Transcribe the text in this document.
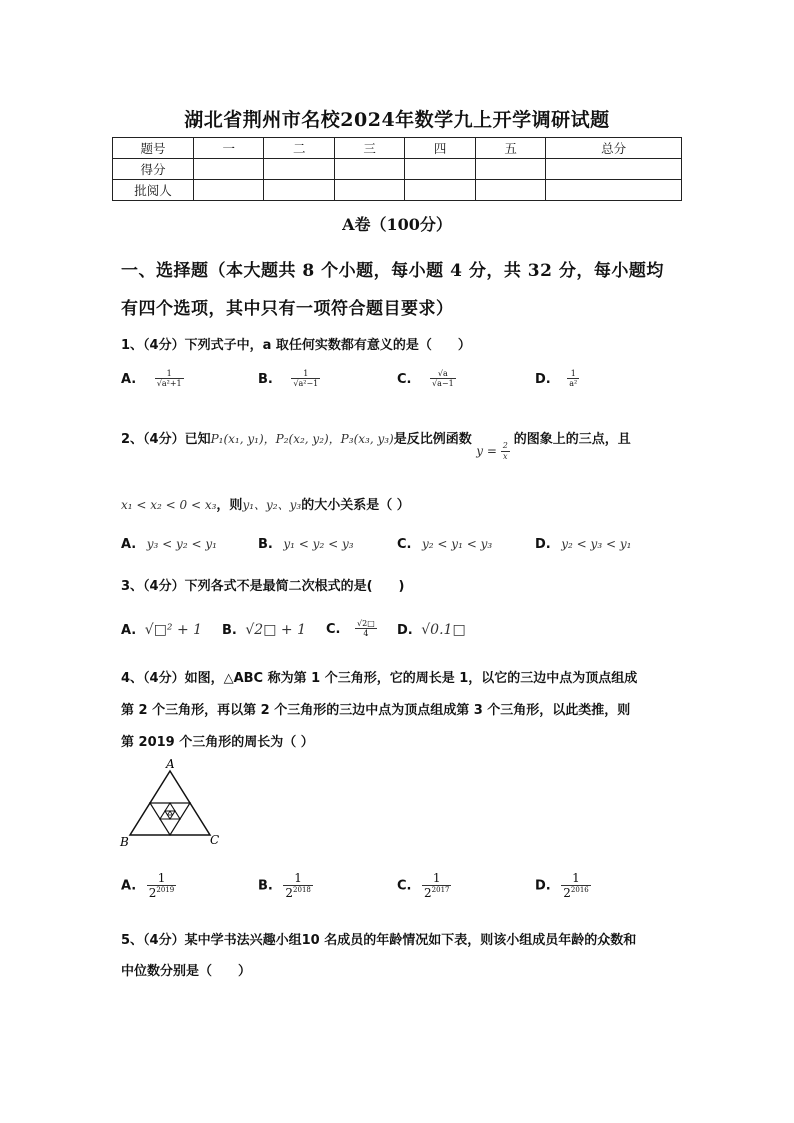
湖北省荆州市名校2024年数学九上开学调研试题
题号	一	二	三	四	五	总分
得分						
批阅人						
A卷（100分）
一、选择题（本大题共 8 个小题，每小题 4 分，共 32 分，每小题均
有四个选项，其中只有一项符合题目要求）
1、（4分）下列式子中，a 取任何实数都有意义的是（　　）
A. $\frac{1}{\text{√a²+1}}$	B. $\frac{1}{\text{√a²−1}}$	C. $\frac{√a}{√a-1}$	D. $\frac{1}{\text{a²}}$
2、（4分）已知P₁(x₁, y₁)，P₂(x₂, y₂)，P₃(x₃, y₃)是反比例函数 $y = \frac{2}{x}$
的图象上的三点，且
x₁ < x₂ < 0 < x₃，则y₁、y₂、y₃的大小关系是（ ）
A. y₃ < y₂ < y₁	B. y₁ < y₂ < y₃	C. y₂ < y₁ < y₃	D. y₂ < y₃ < y₁
3、（4分）下列各式不是最简二次根式的是(　　)
A. √□² + 1 B. √2□ + 1 C. $\frac{√2□}{4} D$. √0.1□
4、（4分）如图，△ABC 称为第 1 个三角形，它的周长是 1，以它的三边中点为顶点组成
第 2 个三角形，再以第 2 个三角形的三边中点为顶点组成第 3 个三角形，以此类推，则
第 2019 个三角形的周长为（ ）
A
B	C
A. $\frac{1}{2^{2019}}$	B. $\frac{1}{2^{2018}}$	C. $\frac{1}{2^{2017}}$	D. $\frac{1}{2^{2016}}$
5、（4分）某中学书法兴趣小组10 名成员的年龄情况如下表，则该小组成员年龄的众数和
中位数分别是（　　）
